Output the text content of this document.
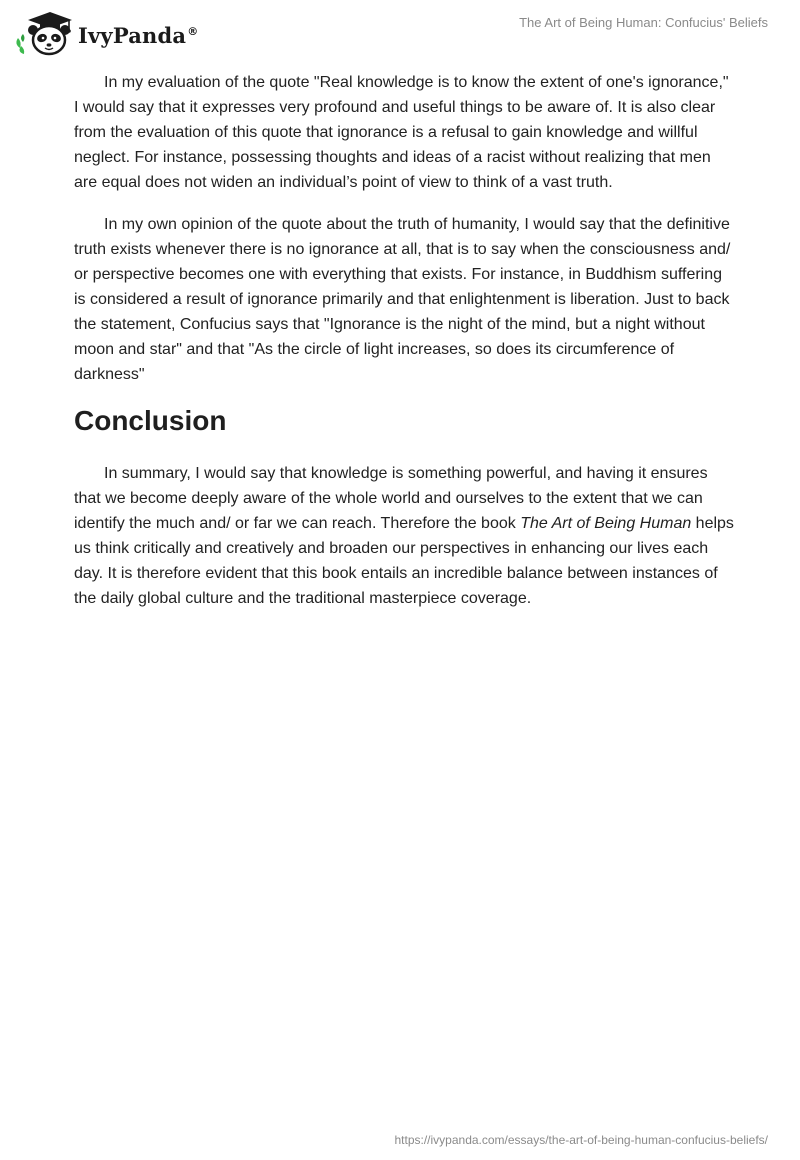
IvyPanda®
The Art of Being Human: Confucius' Beliefs

In my evaluation of the quote "Real knowledge is to know the extent of one's ignorance," I would say that it expresses very profound and useful things to be aware of. It is also clear from the evaluation of this quote that ignorance is a refusal to gain knowledge and willful neglect. For instance, possessing thoughts and ideas of a racist without realizing that men are equal does not widen an individual’s point of view to think of a vast truth.

In my own opinion of the quote about the truth of humanity, I would say that the definitive truth exists whenever there is no ignorance at all, that is to say when the consciousness and/ or perspective becomes one with everything that exists. For instance, in Buddhism suffering is considered a result of ignorance primarily and that enlightenment is liberation. Just to back the statement, Confucius says that "Ignorance is the night of the mind, but a night without moon and star" and that "As the circle of light increases, so does its circumference of darkness"

Conclusion

In summary, I would say that knowledge is something powerful, and having it ensures that we become deeply aware of the whole world and ourselves to the extent that we can identify the much and/ or far we can reach. Therefore the book The Art of Being Human helps us think critically and creatively and broaden our perspectives in enhancing our lives each day. It is therefore evident that this book entails an incredible balance between instances of the daily global culture and the traditional masterpiece coverage.

https://ivypanda.com/essays/the-art-of-being-human-confucius-beliefs/
